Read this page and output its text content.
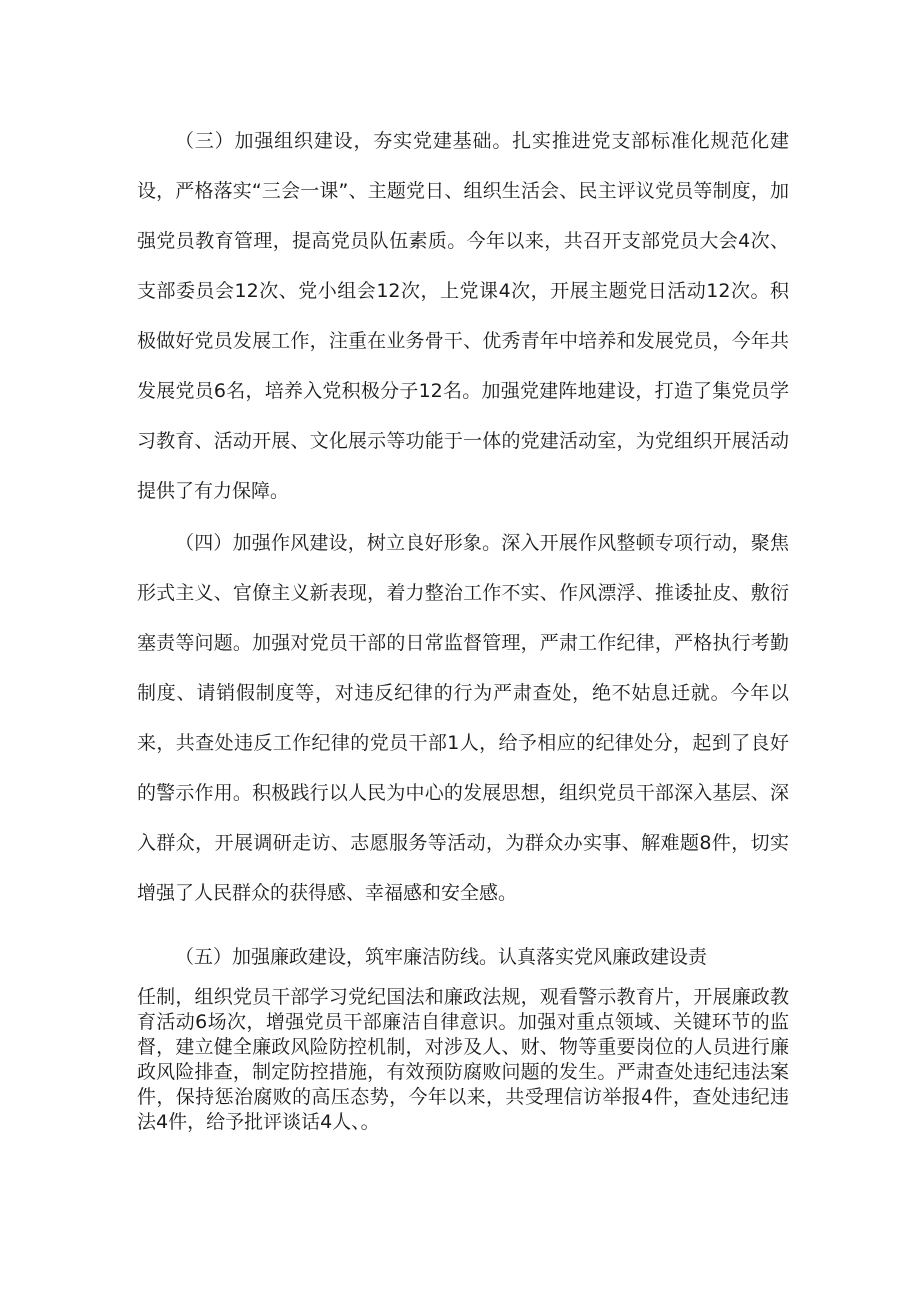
（三）加强组织建设，夯实党建基础。扎实推进党支部标准化规范化建设，严格落实“三会一课”、主题党日、组织生活会、民主评议党员等制度，加强党员教育管理，提高党员队伍素质。今年以来，共召开支部党员大会4次、支部委员会12次、党小组会12次，上党课4次，开展主题党日活动12次。积极做好党员发展工作，注重在业务骨干、优秀青年中培养和发展党员，今年共发展党员6名，培养入党积极分子12名。加强党建阵地建设，打造了集党员学习教育、活动开展、文化展示等功能于一体的党建活动室，为党组织开展活动提供了有力保障。

（四）加强作风建设，树立良好形象。深入开展作风整顿专项行动，聚焦形式主义、官僚主义新表现，着力整治工作不实、作风漂浮、推诿扯皮、敷衍塞责等问题。加强对党员干部的日常监督管理，严肃工作纪律，严格执行考勤制度、请销假制度等，对违反纪律的行为严肃查处，绝不姑息迁就。今年以来，共查处违反工作纪律的党员干部1人，给予相应的纪律处分，起到了良好的警示作用。积极践行以人民为中心的发展思想，组织党员干部深入基层、深入群众，开展调研走访、志愿服务等活动，为群众办实事、解难题8件，切实增强了人民群众的获得感、幸福感和安全感。

（五）加强廉政建设，筑牢廉洁防线。认真落实党风廉政建设责

任制，组织党员干部学习党纪国法和廉政法规，观看警示教育片，开展廉政教育活动6场次，增强党员干部廉洁自律意识。加强对重点领域、关键环节的监督，建立健全廉政风险防控机制，对涉及人、财、物等重要岗位的人员进行廉政风险排查，制定防控措施，有效预防腐败问题的发生。严肃查处违纪违法案件，保持惩治腐败的高压态势，今年以来，共受理信访举报4件，查处违纪违法4件，给予批评谈话4人、。
